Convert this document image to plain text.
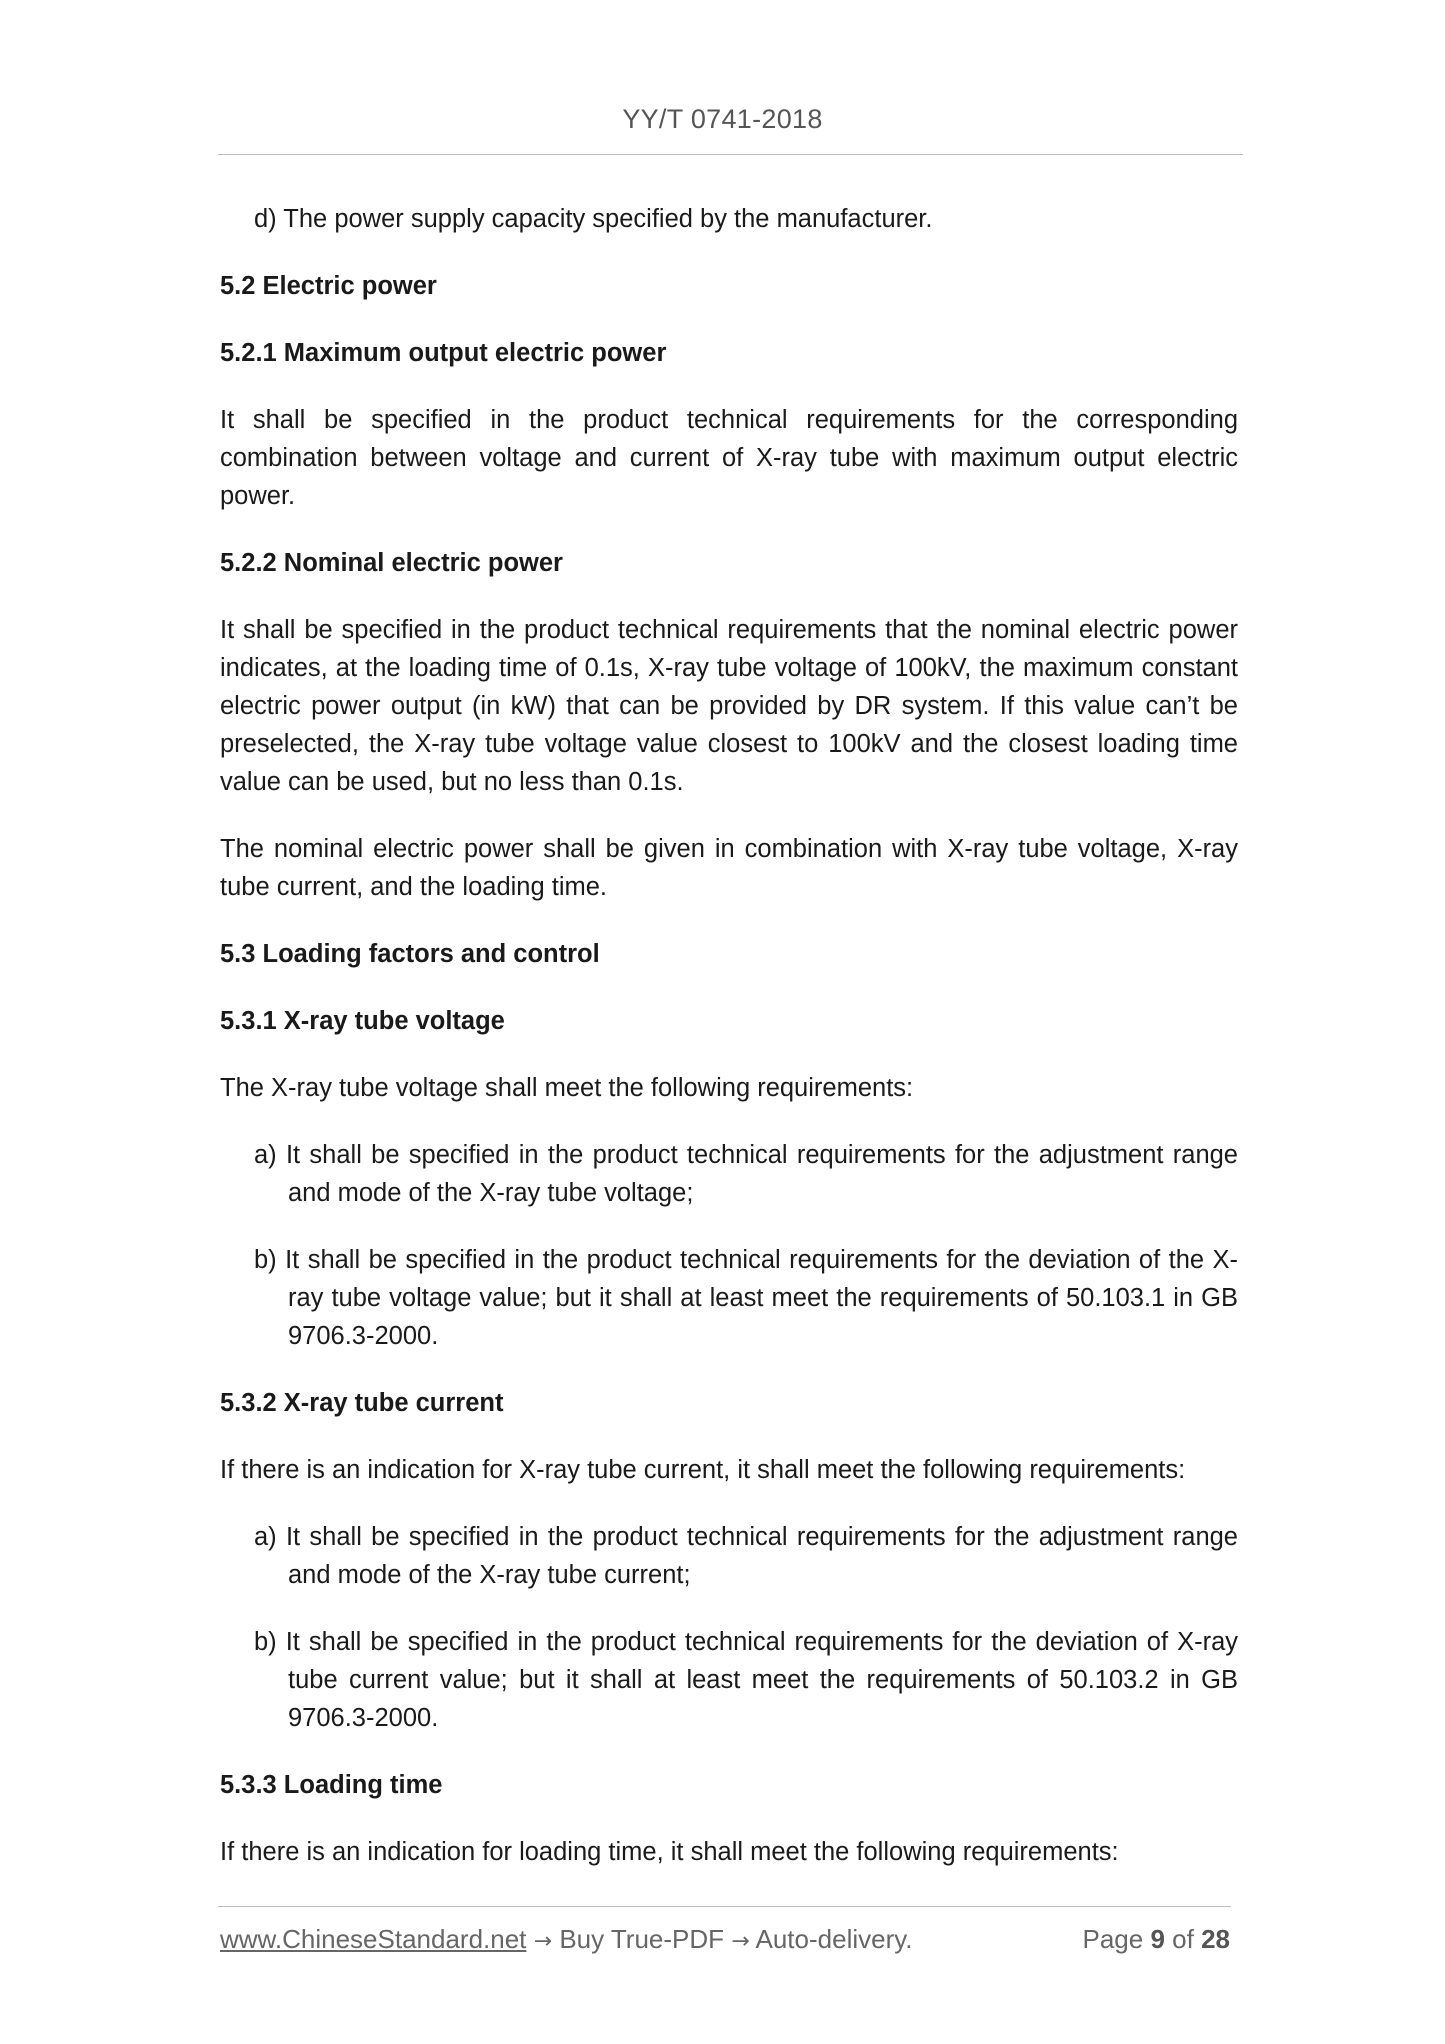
YY/T 0741-2018

d) The power supply capacity specified by the manufacturer.

5.2 Electric power

5.2.1 Maximum output electric power

It shall be specified in the product technical requirements for the corresponding combination between voltage and current of X-ray tube with maximum output electric power.

5.2.2 Nominal electric power

It shall be specified in the product technical requirements that the nominal electric power indicates, at the loading time of 0.1s, X-ray tube voltage of 100kV, the maximum constant electric power output (in kW) that can be provided by DR system. If this value can’t be preselected, the X-ray tube voltage value closest to 100kV and the closest loading time value can be used, but no less than 0.1s.

The nominal electric power shall be given in combination with X-ray tube voltage, X-ray tube current, and the loading time.

5.3 Loading factors and control

5.3.1 X-ray tube voltage

The X-ray tube voltage shall meet the following requirements:

a) It shall be specified in the product technical requirements for the adjustment range and mode of the X-ray tube voltage;

b) It shall be specified in the product technical requirements for the deviation of the X-ray tube voltage value; but it shall at least meet the requirements of 50.103.1 in GB 9706.3-2000.

5.3.2 X-ray tube current

If there is an indication for X-ray tube current, it shall meet the following requirements:

a) It shall be specified in the product technical requirements for the adjustment range and mode of the X-ray tube current;

b) It shall be specified in the product technical requirements for the deviation of X-ray tube current value; but it shall at least meet the requirements of 50.103.2 in GB 9706.3-2000.

5.3.3 Loading time

If there is an indication for loading time, it shall meet the following requirements:

www.ChineseStandard.net → Buy True-PDF → Auto-delivery.	Page 9 of 28
